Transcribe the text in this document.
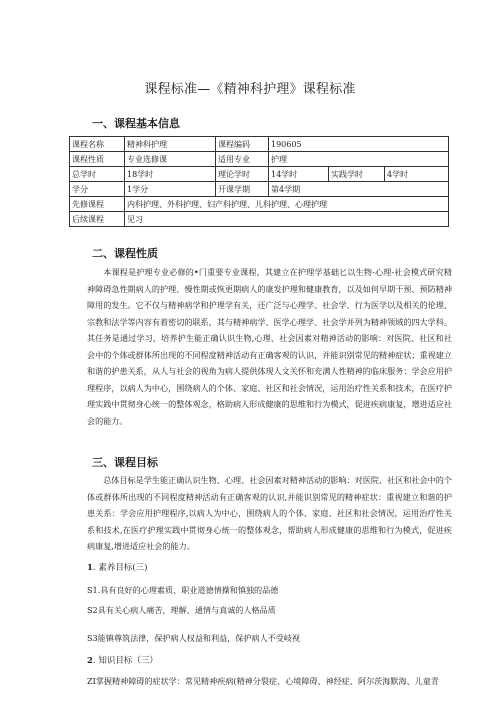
课程标准—《精神科护理》课程标准
一、课程基本信息
课程名称	精神科护理	课程编码	190605		
课程性质	专业选修课	适用专业	护理		
总学时	18学时	理论学时	14学时	实践学时	4学时
学分	1学分	开课学期	第4学期		
先修课程	内科护理、外科护理、妇产科护理、儿科护理、心理护理				
后续课程	见习				
二、课程性质

本课程是护理专业必修的•门重要专业课程，其建立在护理学基础匕以生物-心理-社会模式研究精神障碍急性期病人的护理、慢性期或恢更期病人的康发护理和健康教育，以及如何早期干预、预防精神障用的发生。它不仅与精神病学和护理学有关，还广泛与心理学、社会学、行为医学以及相关的伦理、宗教和法学等内容有着密切的联系，其与精神病学、医学心理学、社会学并列为精神领域的四大学科。其任务是通过学习，培养护生能正确认识生物,心理、社会因素对精神活动的影响：对医院、社区和社会中的个体或群体所出现的不同程度精神活动有正确客观的认识，并能识别常见的精神症状；重视建立和谐的护患关系，从人与社会的视角为病人提供体现人文关怀和充满人性精神的临床服务：学会应用护理程序，以病人为中心，围绕病人的个体、家庭、社区和社会情况，运用治疗性关系和技术，在医疗护理实践中贯彻身心统一的整体观念，格助病人形成健康的思维和行为模式，促进疾病康复，增进适应社会的能力。

三、课程目标

总体目标是学生能正确认识生物、心理、社会因素对精神活动的影响：对医院、社区和社会中的个体或群体所出现的不同程度精神活动有正确客观的认识,并能识别常见的精神症状：重视建立和谐的护患关系：学会应用护理程序,以病人为中心，围绕病人的个体、家庭、社区和社会情况，运用治疗性关系和技术,在医疗护理实践中贯彻身心统一的整体观念，帮助病人形成健康的思维和行为模式，促进疾病康复,增进适应社会的能力。

1. 素养目标(三)
S1.具有良好的心理素质、职业道德情操和慎独的品德
S2具有关心病人痛苦，理解，通情与真诚的人格品质
S3能镇尊筑法律，保护病人权益和利益，保护病人不受岐视
2. 知识目标（三）
ZI掌握精神障碍的症状学：常见精神疾病(精神分裂症、心境障碍、神经症、阿尔茨海默海、儿童青
